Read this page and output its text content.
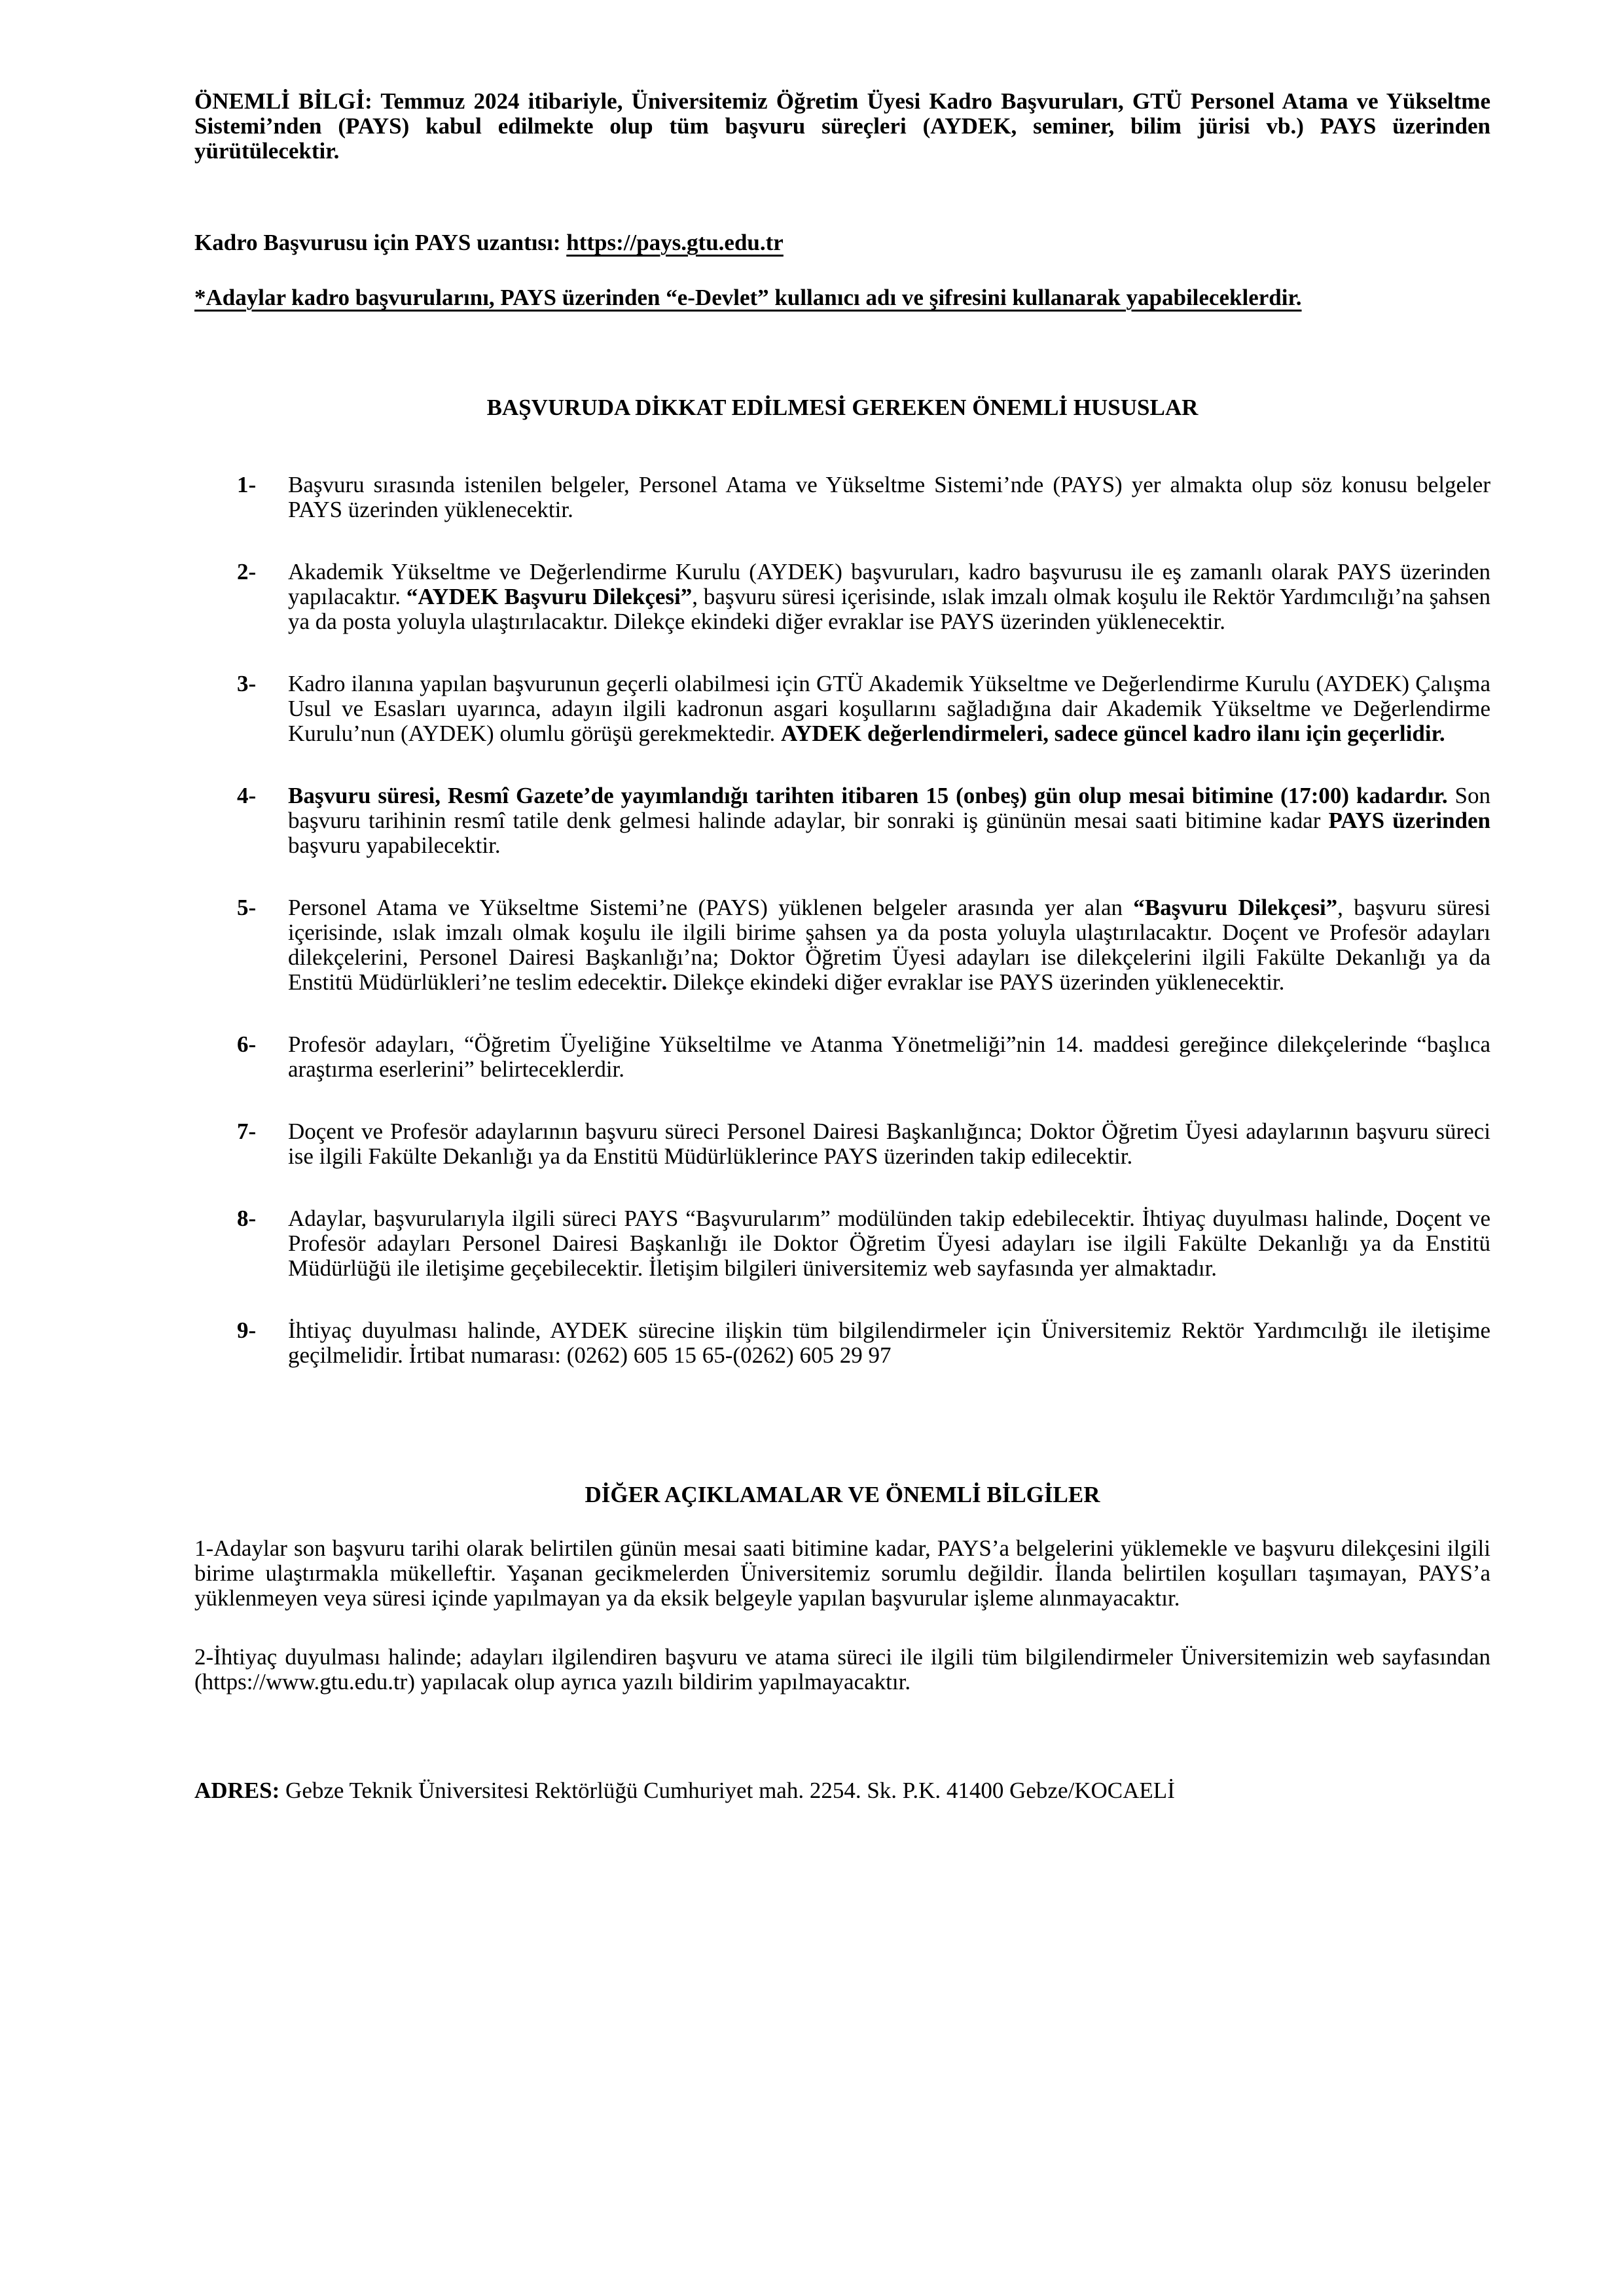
ÖNEMLİ BİLGİ: Temmuz 2024 itibariyle, Üniversitemiz Öğretim Üyesi Kadro Başvuruları, GTÜ Personel Atama ve Yükseltme Sistemi’nden (PAYS) kabul edilmekte olup tüm başvuru süreçleri (AYDEK, seminer, bilim jürisi vb.) PAYS üzerinden yürütülecektir.

Kadro Başvurusu için PAYS uzantısı: https://pays.gtu.edu.tr

*Adaylar kadro başvurularını, PAYS üzerinden “e-Devlet” kullanıcı adı ve şifresini kullanarak yapabileceklerdir.

BAŞVURUDA DİKKAT EDİLMESİ GEREKEN ÖNEMLİ HUSUSLAR

1- Başvuru sırasında istenilen belgeler, Personel Atama ve Yükseltme Sistemi’nde (PAYS) yer almakta olup söz konusu belgeler PAYS üzerinden yüklenecektir.
2- Akademik Yükseltme ve Değerlendirme Kurulu (AYDEK) başvuruları, kadro başvurusu ile eş zamanlı olarak PAYS üzerinden yapılacaktır. “AYDEK Başvuru Dilekçesi”, başvuru süresi içerisinde, ıslak imzalı olmak koşulu ile Rektör Yardımcılığı’na şahsen ya da posta yoluyla ulaştırılacaktır. Dilekçe ekindeki diğer evraklar ise PAYS üzerinden yüklenecektir.
3- Kadro ilanına yapılan başvurunun geçerli olabilmesi için GTÜ Akademik Yükseltme ve Değerlendirme Kurulu (AYDEK) Çalışma Usul ve Esasları uyarınca, adayın ilgili kadronun asgari koşullarını sağladığına dair Akademik Yükseltme ve Değerlendirme Kurulu’nun (AYDEK) olumlu görüşü gerekmektedir. AYDEK değerlendirmeleri, sadece güncel kadro ilanı için geçerlidir.
4- Başvuru süresi, Resmî Gazete’de yayımlandığı tarihten itibaren 15 (onbeş) gün olup mesai bitimine (17:00) kadardır. Son başvuru tarihinin resmî tatile denk gelmesi halinde adaylar, bir sonraki iş gününün mesai saati bitimine kadar PAYS üzerinden başvuru yapabilecektir.
5- Personel Atama ve Yükseltme Sistemi’ne (PAYS) yüklenen belgeler arasında yer alan “Başvuru Dilekçesi”, başvuru süresi içerisinde, ıslak imzalı olmak koşulu ile ilgili birime şahsen ya da posta yoluyla ulaştırılacaktır. Doçent ve Profesör adayları dilekçelerini, Personel Dairesi Başkanlığı’na; Doktor Öğretim Üyesi adayları ise dilekçelerini ilgili Fakülte Dekanlığı ya da Enstitü Müdürlükleri’ne teslim edecektir. Dilekçe ekindeki diğer evraklar ise PAYS üzerinden yüklenecektir.
6- Profesör adayları, “Öğretim Üyeliğine Yükseltilme ve Atanma Yönetmeliği”nin 14. maddesi gereğince dilekçelerinde “başlıca araştırma eserlerini” belirteceklerdir.
7- Doçent ve Profesör adaylarının başvuru süreci Personel Dairesi Başkanlığınca; Doktor Öğretim Üyesi adaylarının başvuru süreci ise ilgili Fakülte Dekanlığı ya da Enstitü Müdürlüklerince PAYS üzerinden takip edilecektir.
8- Adaylar, başvurularıyla ilgili süreci PAYS “Başvurularım” modülünden takip edebilecektir. İhtiyaç duyulması halinde, Doçent ve Profesör adayları Personel Dairesi Başkanlığı ile Doktor Öğretim Üyesi adayları ise ilgili Fakülte Dekanlığı ya da Enstitü Müdürlüğü ile iletişime geçebilecektir. İletişim bilgileri üniversitemiz web sayfasında yer almaktadır.
9- İhtiyaç duyulması halinde, AYDEK sürecine ilişkin tüm bilgilendirmeler için Üniversitemiz Rektör Yardımcılığı ile iletişime geçilmelidir. İrtibat numarası: (0262) 605 15 65-(0262) 605 29 97

DİĞER AÇIKLAMALAR VE ÖNEMLİ BİLGİLER

1-Adaylar son başvuru tarihi olarak belirtilen günün mesai saati bitimine kadar, PAYS’a belgelerini yüklemekle ve başvuru dilekçesini ilgili birime ulaştırmakla mükelleftir. Yaşanan gecikmelerden Üniversitemiz sorumlu değildir. İlanda belirtilen koşulları taşımayan, PAYS’a yüklenmeyen veya süresi içinde yapılmayan ya da eksik belgeyle yapılan başvurular işleme alınmayacaktır.

2-İhtiyaç duyulması halinde; adayları ilgilendiren başvuru ve atama süreci ile ilgili tüm bilgilendirmeler Üniversitemizin web sayfasından (https://www.gtu.edu.tr) yapılacak olup ayrıca yazılı bildirim yapılmayacaktır.

ADRES: Gebze Teknik Üniversitesi Rektörlüğü Cumhuriyet mah. 2254. Sk. P.K. 41400 Gebze/KOCAELİ
